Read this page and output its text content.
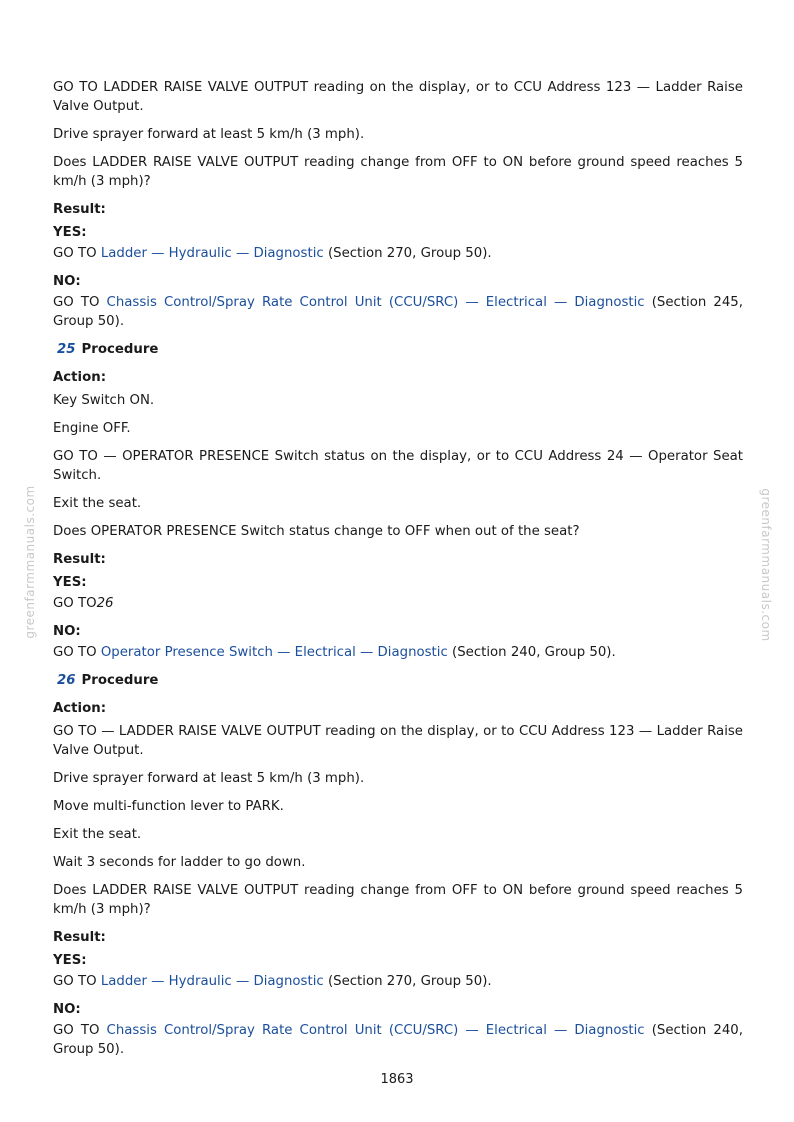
greenfarmmanuals.com	greenfarmmanuals.com

GO TO LADDER RAISE VALVE OUTPUT reading on the display, or to CCU Address 123 — Ladder Raise Valve Output.

Drive sprayer forward at least 5 km/h (3 mph).

Does LADDER RAISE VALVE OUTPUT reading change from OFF to ON before ground speed reaches 5 km/h (3 mph)?

Result:
YES:

GO TO Ladder — Hydraulic — Diagnostic (Section 270, Group 50).

NO:

GO TO Chassis Control/Spray Rate Control Unit (CCU/SRC) — Electrical — Diagnostic (Section 245, Group 50).

25 Procedure
Action:

Key Switch ON.

Engine OFF.

GO TO — OPERATOR PRESENCE Switch status on the display, or to CCU Address 24 — Operator Seat Switch.

Exit the seat.

Does OPERATOR PRESENCE Switch status change to OFF when out of the seat?

Result:
YES:

GO TO26

NO:

GO TO Operator Presence Switch — Electrical — Diagnostic (Section 240, Group 50).

26 Procedure
Action:

GO TO — LADDER RAISE VALVE OUTPUT reading on the display, or to CCU Address 123 — Ladder Raise Valve Output.

Drive sprayer forward at least 5 km/h (3 mph).

Move multi-function lever to PARK.

Exit the seat.

Wait 3 seconds for ladder to go down.

Does LADDER RAISE VALVE OUTPUT reading change from OFF to ON before ground speed reaches 5 km/h (3 mph)?

Result:
YES:

GO TO Ladder — Hydraulic — Diagnostic (Section 270, Group 50).

NO:

GO TO Chassis Control/Spray Rate Control Unit (CCU/SRC) — Electrical — Diagnostic (Section 240, Group 50).

1863
